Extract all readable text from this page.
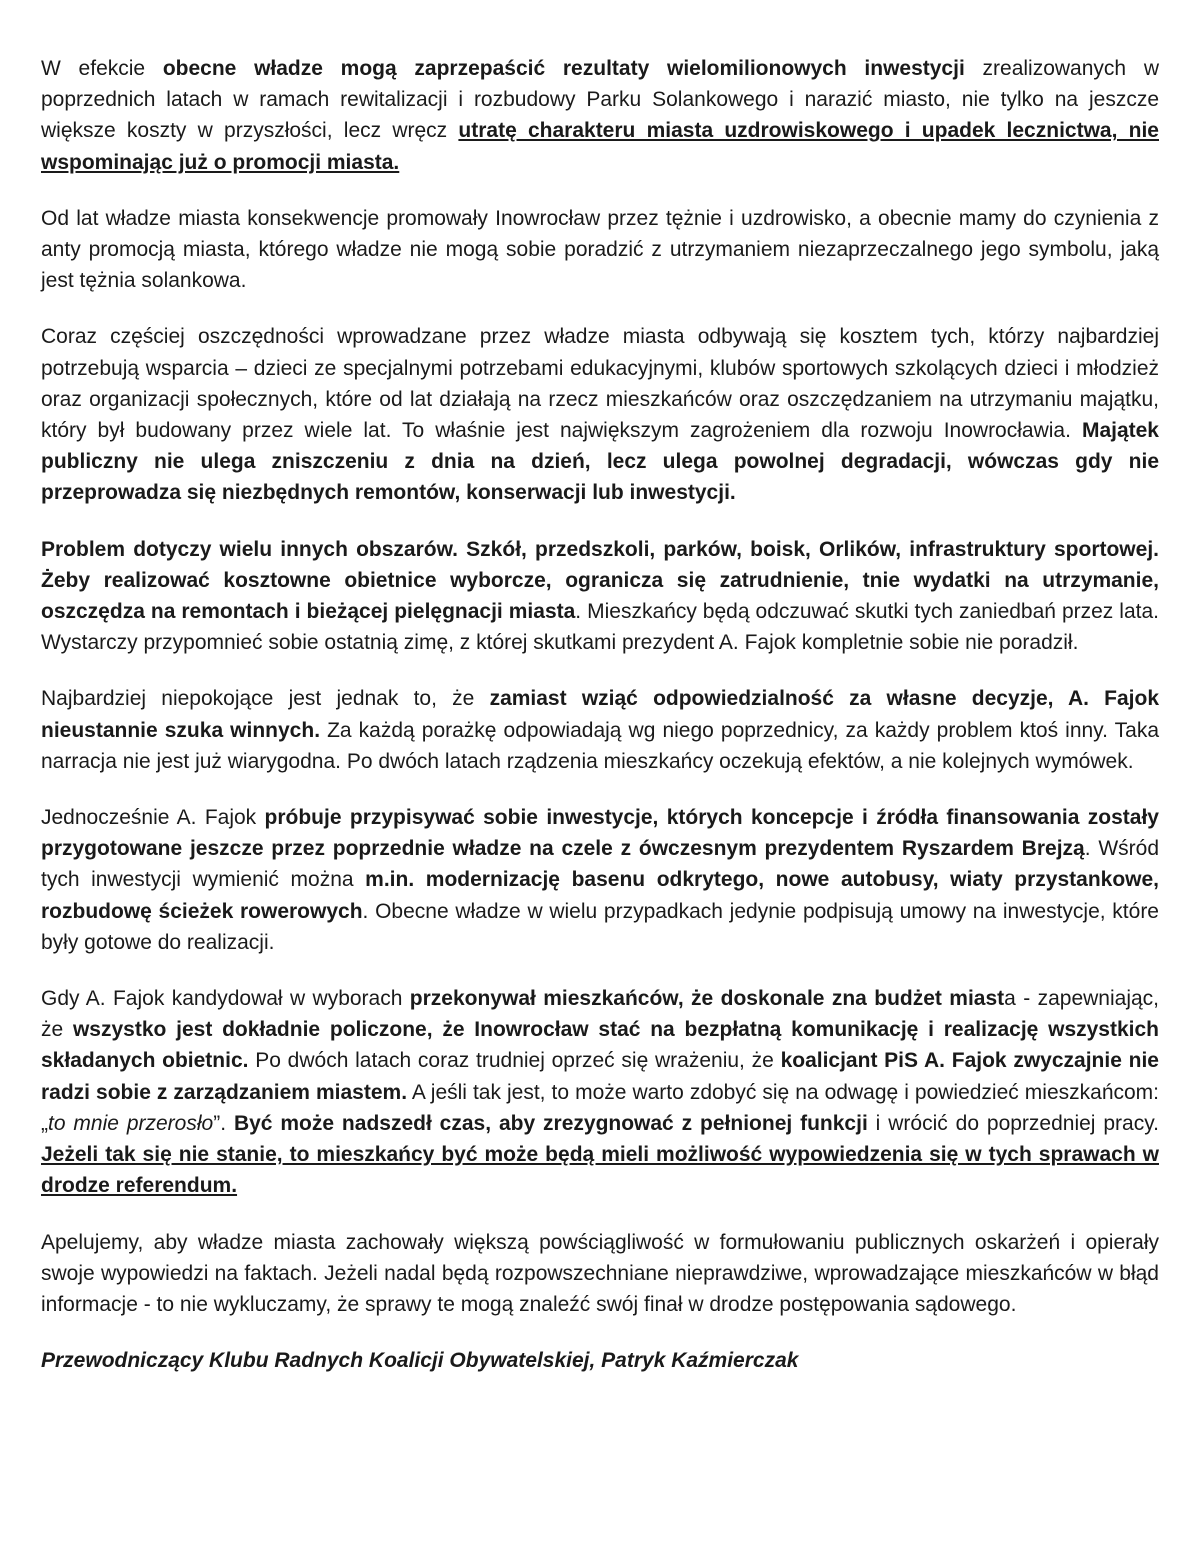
W efekcie obecne władze mogą zaprzepaścić rezultaty wielomilionowych inwestycji zrealizowanych w poprzednich latach w ramach rewitalizacji i rozbudowy Parku Solankowego i narazić miasto, nie tylko na jeszcze większe koszty w przyszłości, lecz wręcz utratę charakteru miasta uzdrowiskowego i upadek lecznictwa, nie wspominając już o promocji miasta.

Od lat władze miasta konsekwencje promowały Inowrocław przez tężnie i uzdrowisko, a obecnie mamy do czynienia z anty promocją miasta, którego władze nie mogą sobie poradzić z utrzymaniem niezaprzeczalnego jego symbolu, jaką jest tężnia solankowa.

Coraz częściej oszczędności wprowadzane przez władze miasta odbywają się kosztem tych, którzy najbardziej potrzebują wsparcia – dzieci ze specjalnymi potrzebami edukacyjnymi, klubów sportowych szkolących dzieci i młodzież oraz organizacji społecznych, które od lat działają na rzecz mieszkańców oraz oszczędzaniem na utrzymaniu majątku, który był budowany przez wiele lat. To właśnie jest największym zagrożeniem dla rozwoju Inowrocławia. Majątek publiczny nie ulega zniszczeniu z dnia na dzień, lecz ulega powolnej degradacji, wówczas gdy nie przeprowadza się niezbędnych remontów, konserwacji lub inwestycji.

Problem dotyczy wielu innych obszarów. Szkół, przedszkoli, parków, boisk, Orlików, infrastruktury sportowej. Żeby realizować kosztowne obietnice wyborcze, ogranicza się zatrudnienie, tnie wydatki na utrzymanie, oszczędza na remontach i bieżącej pielęgnacji miasta. Mieszkańcy będą odczuwać skutki tych zaniedbań przez lata. Wystarczy przypomnieć sobie ostatnią zimę, z której skutkami prezydent A. Fajok kompletnie sobie nie poradził.

Najbardziej niepokojące jest jednak to, że zamiast wziąć odpowiedzialność za własne decyzje, A. Fajok nieustannie szuka winnych. Za każdą porażkę odpowiadają wg niego poprzednicy, za każdy problem ktoś inny. Taka narracja nie jest już wiarygodna. Po dwóch latach rządzenia mieszkańcy oczekują efektów, a nie kolejnych wymówek.

Jednocześnie A. Fajok próbuje przypisywać sobie inwestycje, których koncepcje i źródła finansowania zostały przygotowane jeszcze przez poprzednie władze na czele z ówczesnym prezydentem Ryszardem Brejzą. Wśród tych inwestycji wymienić można m.in. modernizację basenu odkrytego, nowe autobusy, wiaty przystankowe, rozbudowę ścieżek rowerowych. Obecne władze w wielu przypadkach jedynie podpisują umowy na inwestycje, które były gotowe do realizacji.

Gdy A. Fajok kandydował w wyborach przekonywał mieszkańców, że doskonale zna budżet miasta - zapewniając, że wszystko jest dokładnie policzone, że Inowrocław stać na bezpłatną komunikację i realizację wszystkich składanych obietnic. Po dwóch latach coraz trudniej oprzeć się wrażeniu, że koalicjant PiS A. Fajok zwyczajnie nie radzi sobie z zarządzaniem miastem. A jeśli tak jest, to może warto zdobyć się na odwagę i powiedzieć mieszkańcom: „to mnie przerosło”. Być może nadszedł czas, aby zrezygnować z pełnionej funkcji i wrócić do poprzedniej pracy. Jeżeli tak się nie stanie, to mieszkańcy być może będą mieli możliwość wypowiedzenia się w tych sprawach w drodze referendum.

Apelujemy, aby władze miasta zachowały większą powściągliwość w formułowaniu publicznych oskarżeń i opierały swoje wypowiedzi na faktach. Jeżeli nadal będą rozpowszechniane nieprawdziwe, wprowadzające mieszkańców w błąd informacje - to nie wykluczamy, że sprawy te mogą znaleźć swój finał w drodze postępowania sądowego.

Przewodniczący Klubu Radnych Koalicji Obywatelskiej, Patryk Kaźmierczak
